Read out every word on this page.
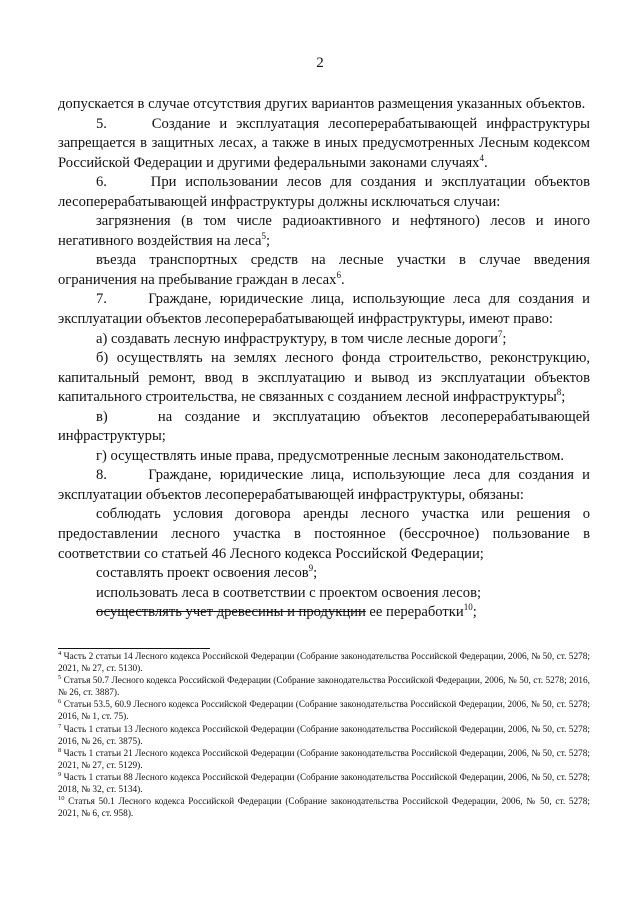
2

допускается в случае отсутствия других вариантов размещения указанных объектов.

5.     Создание и эксплуатация лесоперерабатывающей инфраструктуры запрещается в защитных лесах, а также в иных предусмотренных Лесным кодексом Российской Федерации и другими федеральными законами случаях$^4$.

6.     При использовании лесов для создания и эксплуатации объектов лесоперерабатывающей инфраструктуры должны исключаться случаи:

загрязнения (в том числе радиоактивного и нефтяного) лесов и иного негативного воздействия на леса$^5$;

въезда транспортных средств на лесные участки в случае введения ограничения на пребывание граждан в лесах$^6$.

7.     Граждане, юридические лица, использующие леса для создания и эксплуатации объектов лесоперерабатывающей инфраструктуры, имеют право:

а) создавать лесную инфраструктуру, в том числе лесные дороги$^7$;

б) осуществлять на землях лесного фонда строительство, реконструкцию, капитальный ремонт, ввод в эксплуатацию и вывод из эксплуатации объектов капитального строительства, не связанных с созданием лесной инфраструктуры$^8$;

в)    на создание и эксплуатацию объектов лесоперерабатывающей инфраструктуры;

г) осуществлять иные права, предусмотренные лесным законодательством.

8.     Граждане, юридические лица, использующие леса для создания и эксплуатации объектов лесоперерабатывающей инфраструктуры, обязаны:

соблюдать условия договора аренды лесного участка или решения о предоставлении лесного участка в постоянное (бессрочное) пользование в соответствии со статьей 46 Лесного кодекса Российской Федерации;

составлять проект освоения лесов$^9$;

использовать леса в соответствии с проектом освоения лесов;

осуществлять учет древесины и продукции ее переработки$^{10}$;

$^4$ Часть 2 статьи 14 Лесного кодекса Российской Федерации (Собрание законодательства Российской Федерации, 2006, № 50, ст. 5278; 2021, № 27, ст. 5130).

$^5$ Статья 50.7 Лесного кодекса Российской Федерации (Собрание законодательства Российской Федерации, 2006, № 50, ст. 5278; 2016, № 26, ст. 3887).

$^6$ Статьи 53.5, 60.9 Лесного кодекса Российской Федерации (Собрание законодательства Российской Федерации, 2006, № 50, ст. 5278; 2016, № 1, ст. 75).

$^7$ Часть 1 статьи 13 Лесного кодекса Российской Федерации (Собрание законодательства Российской Федерации, 2006, № 50, ст. 5278; 2016, № 26, ст. 3875).

$^8$ Часть 1 статьи 21 Лесного кодекса Российской Федерации (Собрание законодательства Российской Федерации, 2006, № 50, ст. 5278; 2021, № 27, ст. 5129).

$^9$ Часть 1 статьи 88 Лесного кодекса Российской Федерации (Собрание законодательства Российской Федерации, 2006, № 50, ст. 5278; 2018, № 32, ст. 5134).

$^{10}$ Статья 50.1 Лесного кодекса Российской Федерации (Собрание законодательства Российской Федерации, 2006, № 50, ст. 5278; 2021, № 6, ст. 958).
